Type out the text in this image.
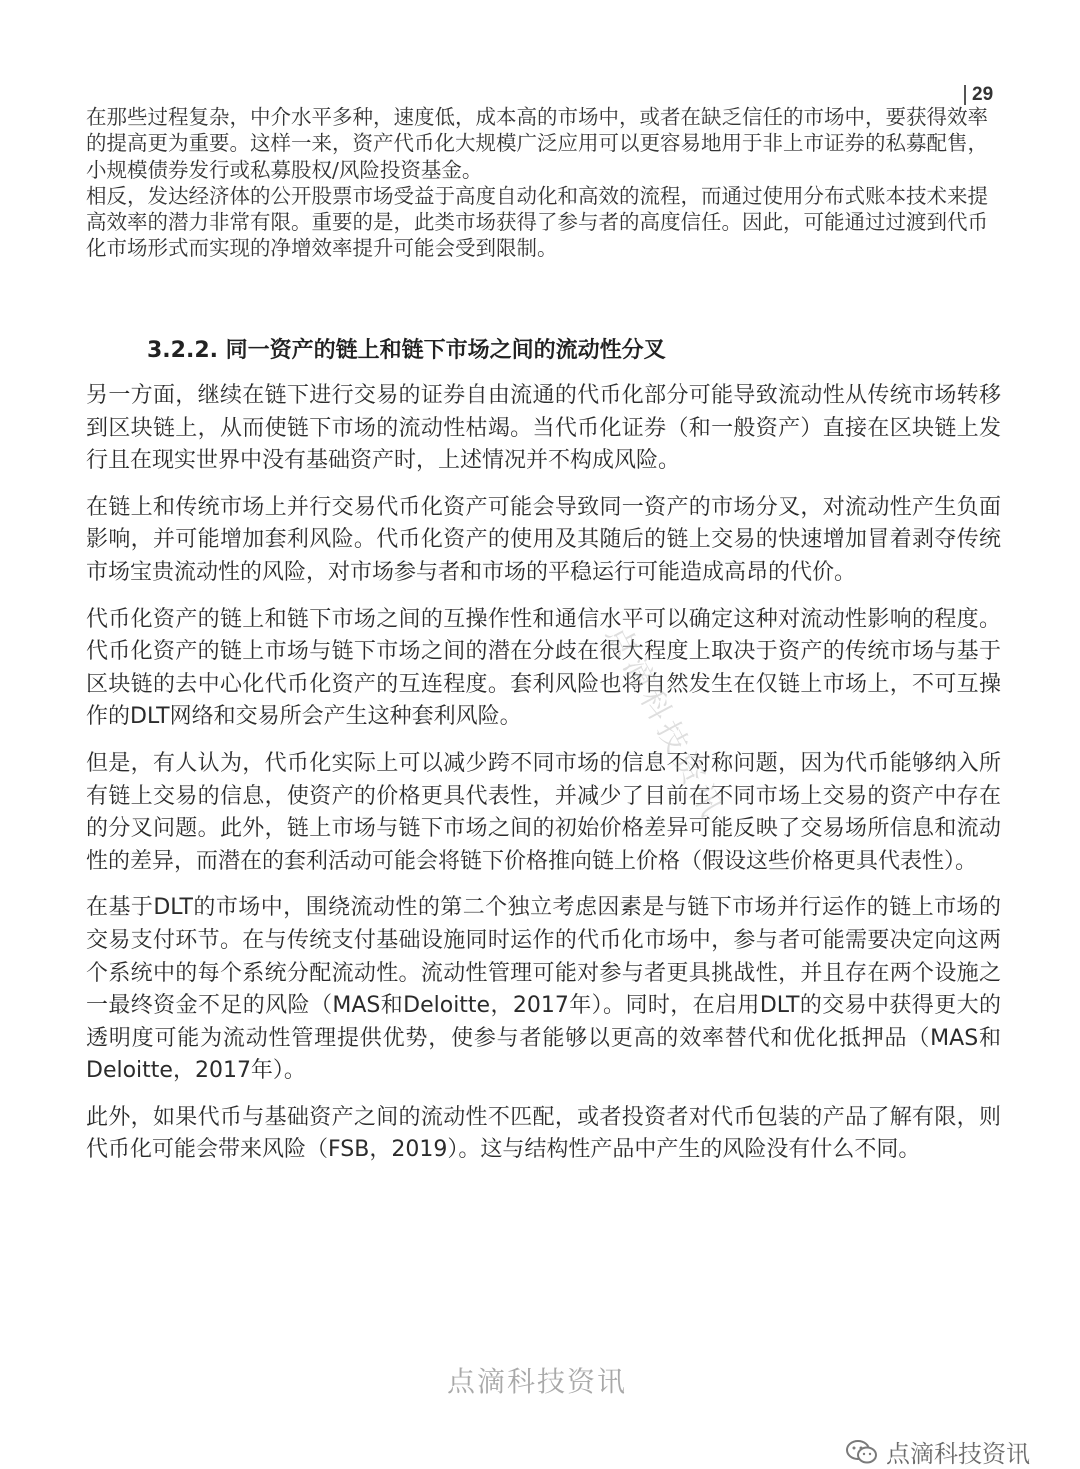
29

在那些过程复杂，中介水平多种，速度低，成本高的市场中，或者在缺乏信任的市场中，要获得效率的提高更为重要。这样一来，资产代币化大规模广泛应用可以更容易地用于非上市证券的私募配售，小规模债券发行或私募股权/风险投资基金。

相反，发达经济体的公开股票市场受益于高度自动化和高效的流程，而通过使用分布式账本技术来提高效率的潜力非常有限。重要的是，此类市场获得了参与者的高度信任。因此，可能通过过渡到代币化市场形式而实现的净增效率提升可能会受到限制。

3.2.2. 同一资产的链上和链下市场之间的流动性分叉

另一方面，继续在链下进行交易的证券自由流通的代币化部分可能导致流动性从传统市场转移到区块链上，从而使链下市场的流动性枯竭。当代币化证券（和一般资产）直接在区块链上发行且在现实世界中没有基础资产时，上述情况并不构成风险。

在链上和传统市场上并行交易代币化资产可能会导致同一资产的市场分叉，对流动性产生负面影响，并可能增加套利风险。代币化资产的使用及其随后的链上交易的快速增加冒着剥夺传统市场宝贵流动性的风险，对市场参与者和市场的平稳运行可能造成高昂的代价。

代币化资产的链上和链下市场之间的互操作性和通信水平可以确定这种对流动性影响的程度。代币化资产的链上市场与链下市场之间的潜在分歧在很大程度上取决于资产的传统市场与基于区块链的去中心化代币化资产的互连程度。套利风险也将自然发生在仅链上市场上，不可互操作的DLT网络和交易所会产生这种套利风险。

但是，有人认为，代币化实际上可以减少跨不同市场的信息不对称问题，因为代币能够纳入所有链上交易的信息，使资产的价格更具代表性，并减少了目前在不同市场上交易的资产中存在的分叉问题。此外，链上市场与链下市场之间的初始价格差异可能反映了交易场所信息和流动性的差异，而潜在的套利活动可能会将链下价格推向链上价格（假设这些价格更具代表性）。

在基于DLT的市场中，围绕流动性的第二个独立考虑因素是与链下市场并行运作的链上市场的交易支付环节。在与传统支付基础设施同时运作的代币化市场中，参与者可能需要决定向这两个系统中的每个系统分配流动性。流动性管理可能对参与者更具挑战性，并且存在两个设施之一最终资金不足的风险（MAS和Deloitte，2017年）。同时，在启用DLT的交易中获得更大的透明度可能为流动性管理提供优势，使参与者能够以更高的效率替代和优化抵押品（MAS和Deloitte，2017年）。

此外，如果代币与基础资产之间的流动性不匹配，或者投资者对代币包装的产品了解有限，则代币化可能会带来风险（FSB，2019）。这与结构性产品中产生的风险没有什么不同。

点滴科技资讯
点滴科技资讯
点滴科技资讯
